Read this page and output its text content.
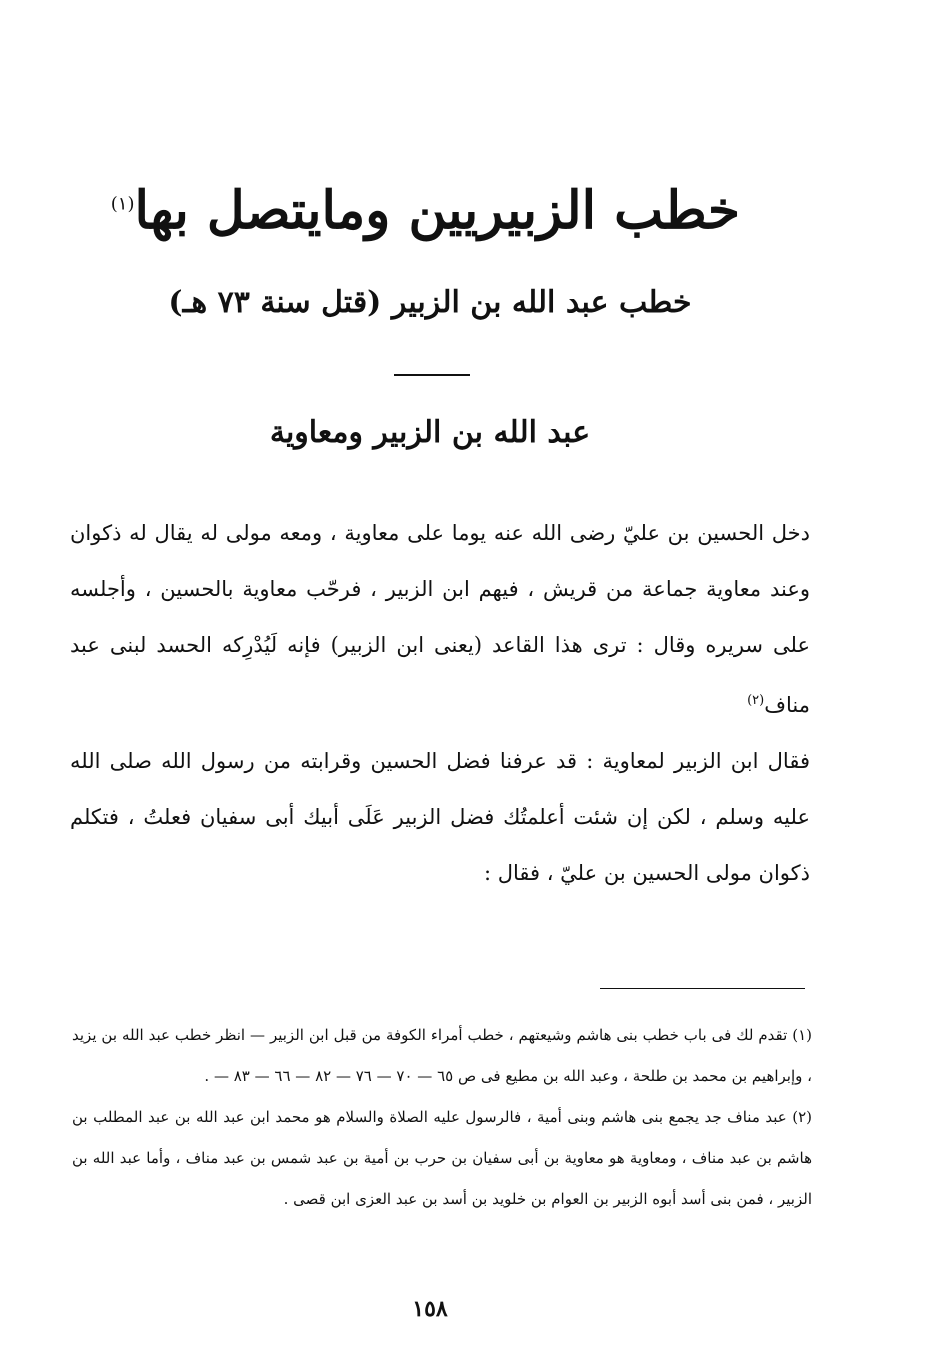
خطب الزبيريين ومايتصل بها$^{(١)}$
خطب عبد الله بن الزبير (قتل سنة ٧٣ هـ)
عبد الله بن الزبير ومعاوية

دخل الحسين بن عليّ رضى الله عنه يوما على معاوية ، ومعه مولى له يقال له ذكوان وعند معاوية جماعة من قريش ، فيهم ابن الزبير ، فرحّب معاوية بالحسين ، وأجلسه على سريره وقال : ترى هذا القاعد (يعنى ابن الزبير) فإنه لَيُدْرِكه الحسد لبنى عبد مناف$^{(٢)}$

فقال ابن الزبير لمعاوية : قد عرفنا فضل الحسين وقرابته من رسول الله صلى الله عليه وسلم ، لكن إن شئت أعلمتُك فضل الزبير عَلَى أبيك أبى سفيان فعلتُ ، فتكلم ذكوان مولى الحسين بن عليّ ، فقال :

(١) تقدم لك فى باب خطب بنى هاشم وشيعتهم ، خطب أمراء الكوفة من قبل ابن الزبير — انظر خطب عبد الله بن يزيد ، وإبراهيم بن محمد بن طلحة ، وعبد الله بن مطيع فى ص ٦٥ — ٧٠ — ٧٦ — ٨٢ — ٦٦ — ٨٣ — .

(٢) عبد مناف جد يجمع بنى هاشم وبنى أمية ، فالرسول عليه الصلاة والسلام هو محمد ابن عبد الله بن عبد المطلب بن هاشم بن عبد مناف ، ومعاوية هو معاوية بن أبى سفيان بن حرب بن أمية بن عبد شمس بن عبد مناف ، وأما عبد الله بن الزبير ، فمن بنى أسد أبوه الزبير بن العوام بن خلويد بن أسد بن عبد العزى ابن قصى .

١٥٨
